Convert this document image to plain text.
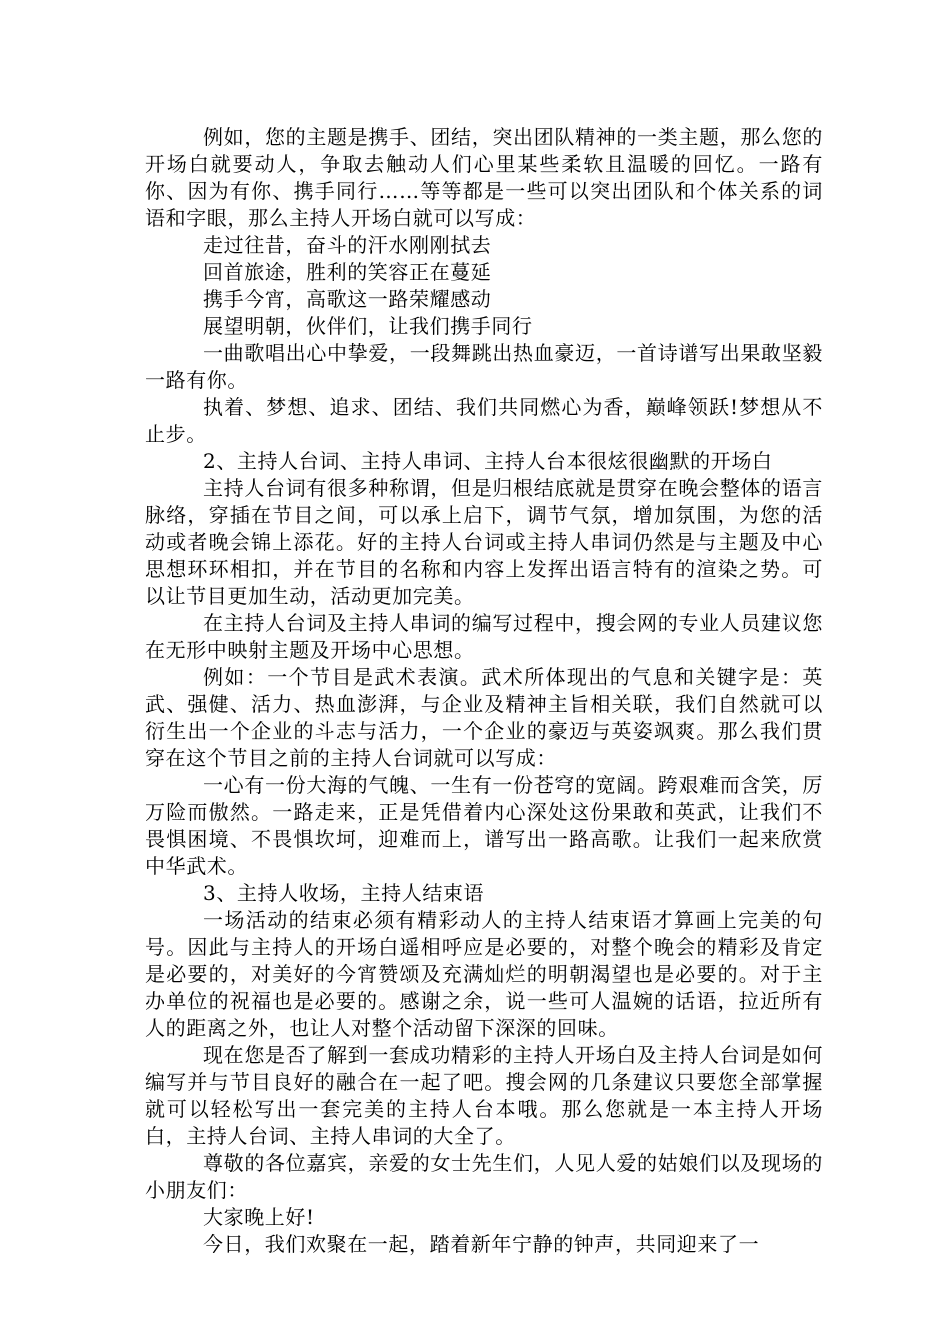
例如，您的主题是携手、团结，突出团队精神的一类主题，那么您的开场白就要动人，争取去触动人们心里某些柔软且温暖的回忆。一路有你、因为有你、携手同行……等等都是一些可以突出团队和个体关系的词语和字眼，那么主持人开场白就可以写成：

走过往昔，奋斗的汗水刚刚拭去

回首旅途，胜利的笑容正在蔓延

携手今宵，高歌这一路荣耀感动

展望明朝，伙伴们，让我们携手同行

一曲歌唱出心中挚爱，一段舞跳出热血豪迈，一首诗谱写出果敢坚毅一路有你。

执着、梦想、追求、团结、我们共同燃心为香，巅峰领跃!梦想从不止步。

2、主持人台词、主持人串词、主持人台本很炫很幽默的开场白

主持人台词有很多种称谓，但是归根结底就是贯穿在晚会整体的语言脉络，穿插在节目之间，可以承上启下，调节气氛，增加氛围，为您的活动或者晚会锦上添花。好的主持人台词或主持人串词仍然是与主题及中心思想环环相扣，并在节目的名称和内容上发挥出语言特有的渲染之势。可以让节目更加生动，活动更加完美。

在主持人台词及主持人串词的编写过程中，搜会网的专业人员建议您在无形中映射主题及开场中心思想。

例如：一个节目是武术表演。武术所体现出的气息和关键字是：英武、强健、活力、热血澎湃，与企业及精神主旨相关联，我们自然就可以衍生出一个企业的斗志与活力，一个企业的豪迈与英姿飒爽。那么我们贯穿在这个节目之前的主持人台词就可以写成：

一心有一份大海的气魄、一生有一份苍穹的宽阔。跨艰难而含笑，厉万险而傲然。一路走来，正是凭借着内心深处这份果敢和英武，让我们不畏惧困境、不畏惧坎坷，迎难而上，谱写出一路高歌。让我们一起来欣赏中华武术。

3、主持人收场，主持人结束语

一场活动的结束必须有精彩动人的主持人结束语才算画上完美的句号。因此与主持人的开场白遥相呼应是必要的，对整个晚会的精彩及肯定是必要的，对美好的今宵赞颂及充满灿烂的明朝渴望也是必要的。对于主办单位的祝福也是必要的。感谢之余，说一些可人温婉的话语，拉近所有人的距离之外，也让人对整个活动留下深深的回味。

现在您是否了解到一套成功精彩的主持人开场白及主持人台词是如何编写并与节目良好的融合在一起了吧。搜会网的几条建议只要您全部掌握就可以轻松写出一套完美的主持人台本哦。那么您就是一本主持人开场白，主持人台词、主持人串词的大全了。

尊敬的各位嘉宾，亲爱的女士先生们，人见人爱的姑娘们以及现场的小朋友们：

大家晚上好!

今日，我们欢聚在一起，踏着新年宁静的钟声，共同迎来了一
